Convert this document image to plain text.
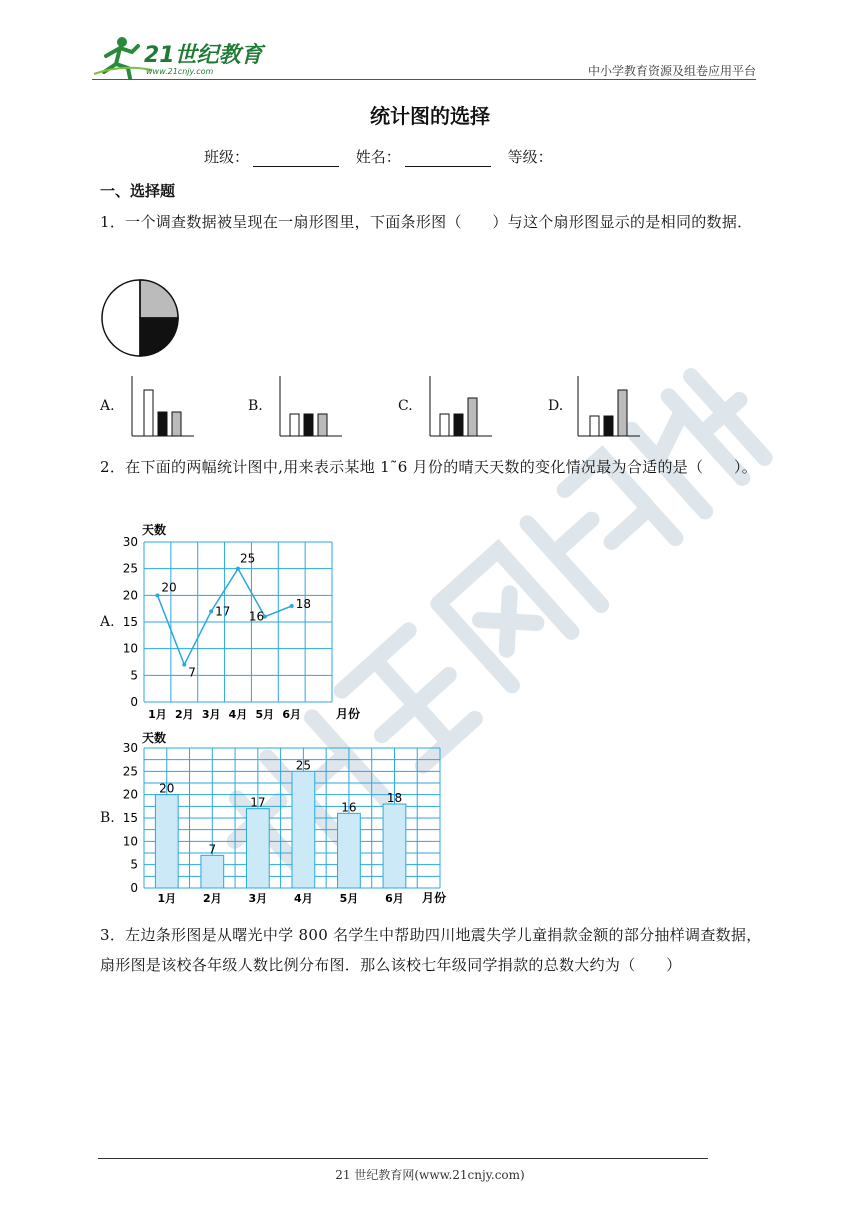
21世纪教育
www.21cnjy.com	中小学教育资源及组卷应用平台
统计图的选择
班级：	姓名：	等级：
一、选择题
1．一个调查数据被呈现在一扇形图里，下面条形图（　　）与这个扇形图显示的是相同的数据．
A.	B.	C.	D.
2．在下面的两幅统计图中,用来表示某地 1˜6 月份的晴天天数的变化情况最为合适的是（　　）。
A.
天数
0
5
10
15
20
25
30
1月 2月 3月 4月 5月 6月
20
7
17
25
16
18
月份
B.
天数
0
5
10
15
20
25
30
20
7
17
25
16
18
1月 2月 3月 4月 5月 6月 月份
3．左边条形图是从曙光中学 800 名学生中帮助四川地震失学儿童捐款金额的部分抽样调查数据，扇形图是该校各年级人数比例分布图．那么该校七年级同学捐款的总数大约为（　　）
21 世纪教育网(www.21cnjy.com)
